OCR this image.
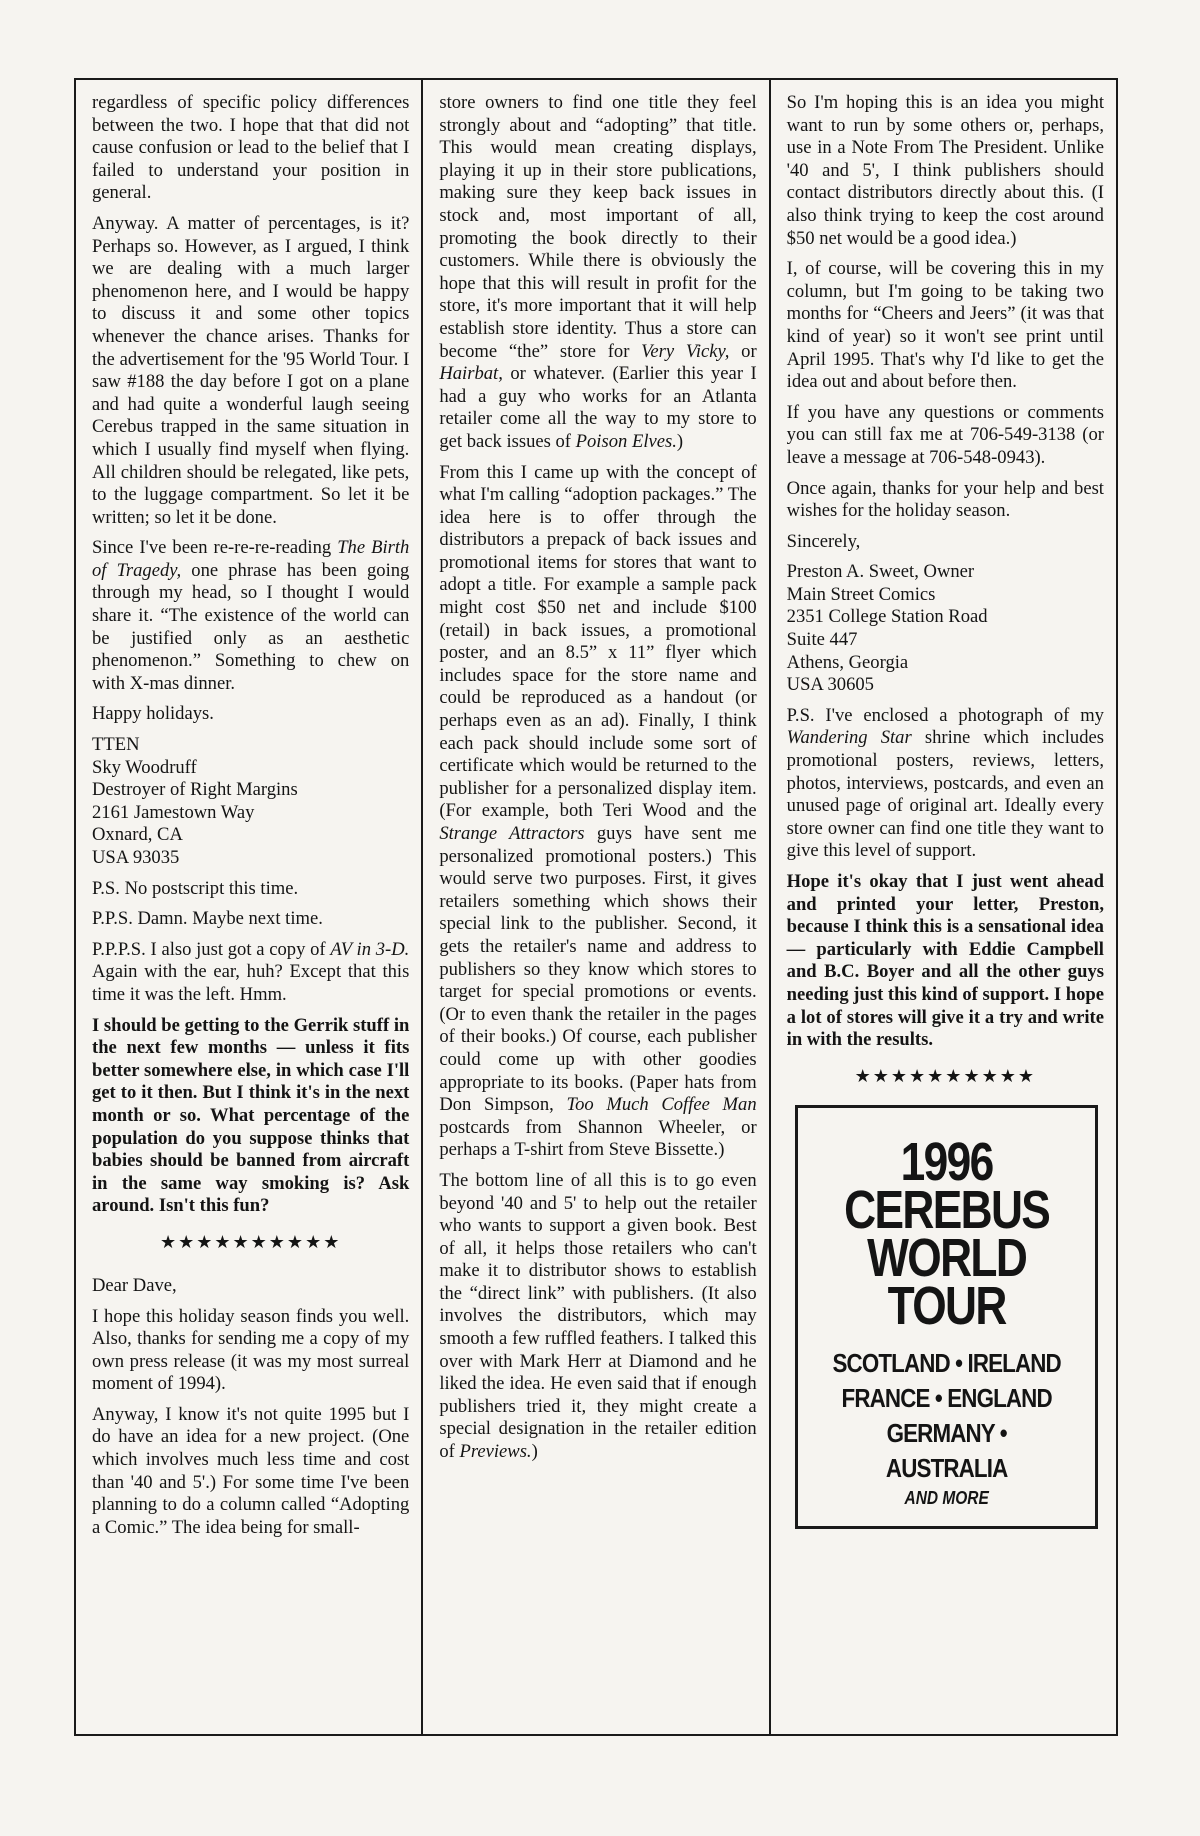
regardless of specific policy differences between the two. I hope that that did not cause confusion or lead to the belief that I failed to understand your position in general.

Anyway. A matter of percentages, is it? Perhaps so. However, as I argued, I think we are dealing with a much larger phenomenon here, and I would be happy to discuss it and some other topics whenever the chance arises. Thanks for the advertisement for the '95 World Tour. I saw #188 the day before I got on a plane and had quite a wonderful laugh seeing Cerebus trapped in the same situation in which I usually find myself when flying. All children should be relegated, like pets, to the luggage compartment. So let it be written; so let it be done.

Since I've been re-re-re-reading The Birth of Tragedy, one phrase has been going through my head, so I thought I would share it. “The existence of the world can be justified only as an aesthetic phenomenon.” Something to chew on with X-mas dinner.

Happy holidays.

TTEN

Sky Woodruff

Destroyer of Right Margins

2161 Jamestown Way

Oxnard, CA

USA 93035

P.S. No postscript this time.

P.P.S. Damn. Maybe next time.

P.P.P.S. I also just got a copy of AV in 3-D. Again with the ear, huh? Except that this time it was the left. Hmm.

I should be getting to the Gerrik stuff in the next few months — unless it fits better somewhere else, in which case I'll get to it then. But I think it's in the next month or so. What percentage of the population do you suppose thinks that babies should be banned from aircraft in the same way smoking is? Ask around. Isn't this fun?

★★★★★★★★★★

Dear Dave,

I hope this holiday season finds you well. Also, thanks for sending me a copy of my own press release (it was my most surreal moment of 1994).

Anyway, I know it's not quite 1995 but I do have an idea for a new project. (One which involves much less time and cost than '40 and 5'.) For some time I've been planning to do a column called “Adopting a Comic.” The idea being for small-

store owners to find one title they feel strongly about and “adopting” that title. This would mean creating displays, playing it up in their store publications, making sure they keep back issues in stock and, most important of all, promoting the book directly to their customers. While there is obviously the hope that this will result in profit for the store, it's more important that it will help establish store identity. Thus a store can become “the” store for Very Vicky, or Hairbat, or whatever. (Earlier this year I had a guy who works for an Atlanta retailer come all the way to my store to get back issues of Poison Elves.)

From this I came up with the concept of what I'm calling “adoption packages.” The idea here is to offer through the distributors a prepack of back issues and promotional items for stores that want to adopt a title. For example a sample pack might cost $50 net and include $100 (retail) in back issues, a promotional poster, and an 8.5” x 11” flyer which includes space for the store name and could be reproduced as a handout (or perhaps even as an ad). Finally, I think each pack should include some sort of certificate which would be returned to the publisher for a personalized display item. (For example, both Teri Wood and the Strange Attractors guys have sent me personalized promotional posters.) This would serve two purposes. First, it gives retailers something which shows their special link to the publisher. Second, it gets the retailer's name and address to publishers so they know which stores to target for special promotions or events. (Or to even thank the retailer in the pages of their books.) Of course, each publisher could come up with other goodies appropriate to its books. (Paper hats from Don Simpson, Too Much Coffee Man postcards from Shannon Wheeler, or perhaps a T-shirt from Steve Bissette.)

The bottom line of all this is to go even beyond '40 and 5' to help out the retailer who wants to support a given book. Best of all, it helps those retailers who can't make it to distributor shows to establish the “direct link” with publishers. (It also involves the distributors, which may smooth a few ruffled feathers. I talked this over with Mark Herr at Diamond and he liked the idea. He even said that if enough publishers tried it, they might create a special designation in the retailer edition of Previews.)

So I'm hoping this is an idea you might want to run by some others or, perhaps, use in a Note From The President. Unlike '40 and 5', I think publishers should contact distributors directly about this. (I also think trying to keep the cost around $50 net would be a good idea.)

I, of course, will be covering this in my column, but I'm going to be taking two months for “Cheers and Jeers” (it was that kind of year) so it won't see print until April 1995. That's why I'd like to get the idea out and about before then.

If you have any questions or comments you can still fax me at 706-549-3138 (or leave a message at 706-548-0943).

Once again, thanks for your help and best wishes for the holiday season.

Sincerely,

Preston A. Sweet, Owner

Main Street Comics

2351 College Station Road

Suite 447

Athens, Georgia

USA 30605

P.S. I've enclosed a photograph of my Wandering Star shrine which includes promotional posters, reviews, letters, photos, interviews, postcards, and even an unused page of original art. Ideally every store owner can find one title they want to give this level of support.

Hope it's okay that I just went ahead and printed your letter, Preston, because I think this is a sensational idea — particularly with Eddie Campbell and B.C. Boyer and all the other guys needing just this kind of support. I hope a lot of stores will give it a try and write in with the results.

★★★★★★★★★★
1996
CEREBUS
WORLD
TOUR
SCOTLAND • IRELAND
FRANCE • ENGLAND
GERMANY • AUSTRALIA
AND MORE
